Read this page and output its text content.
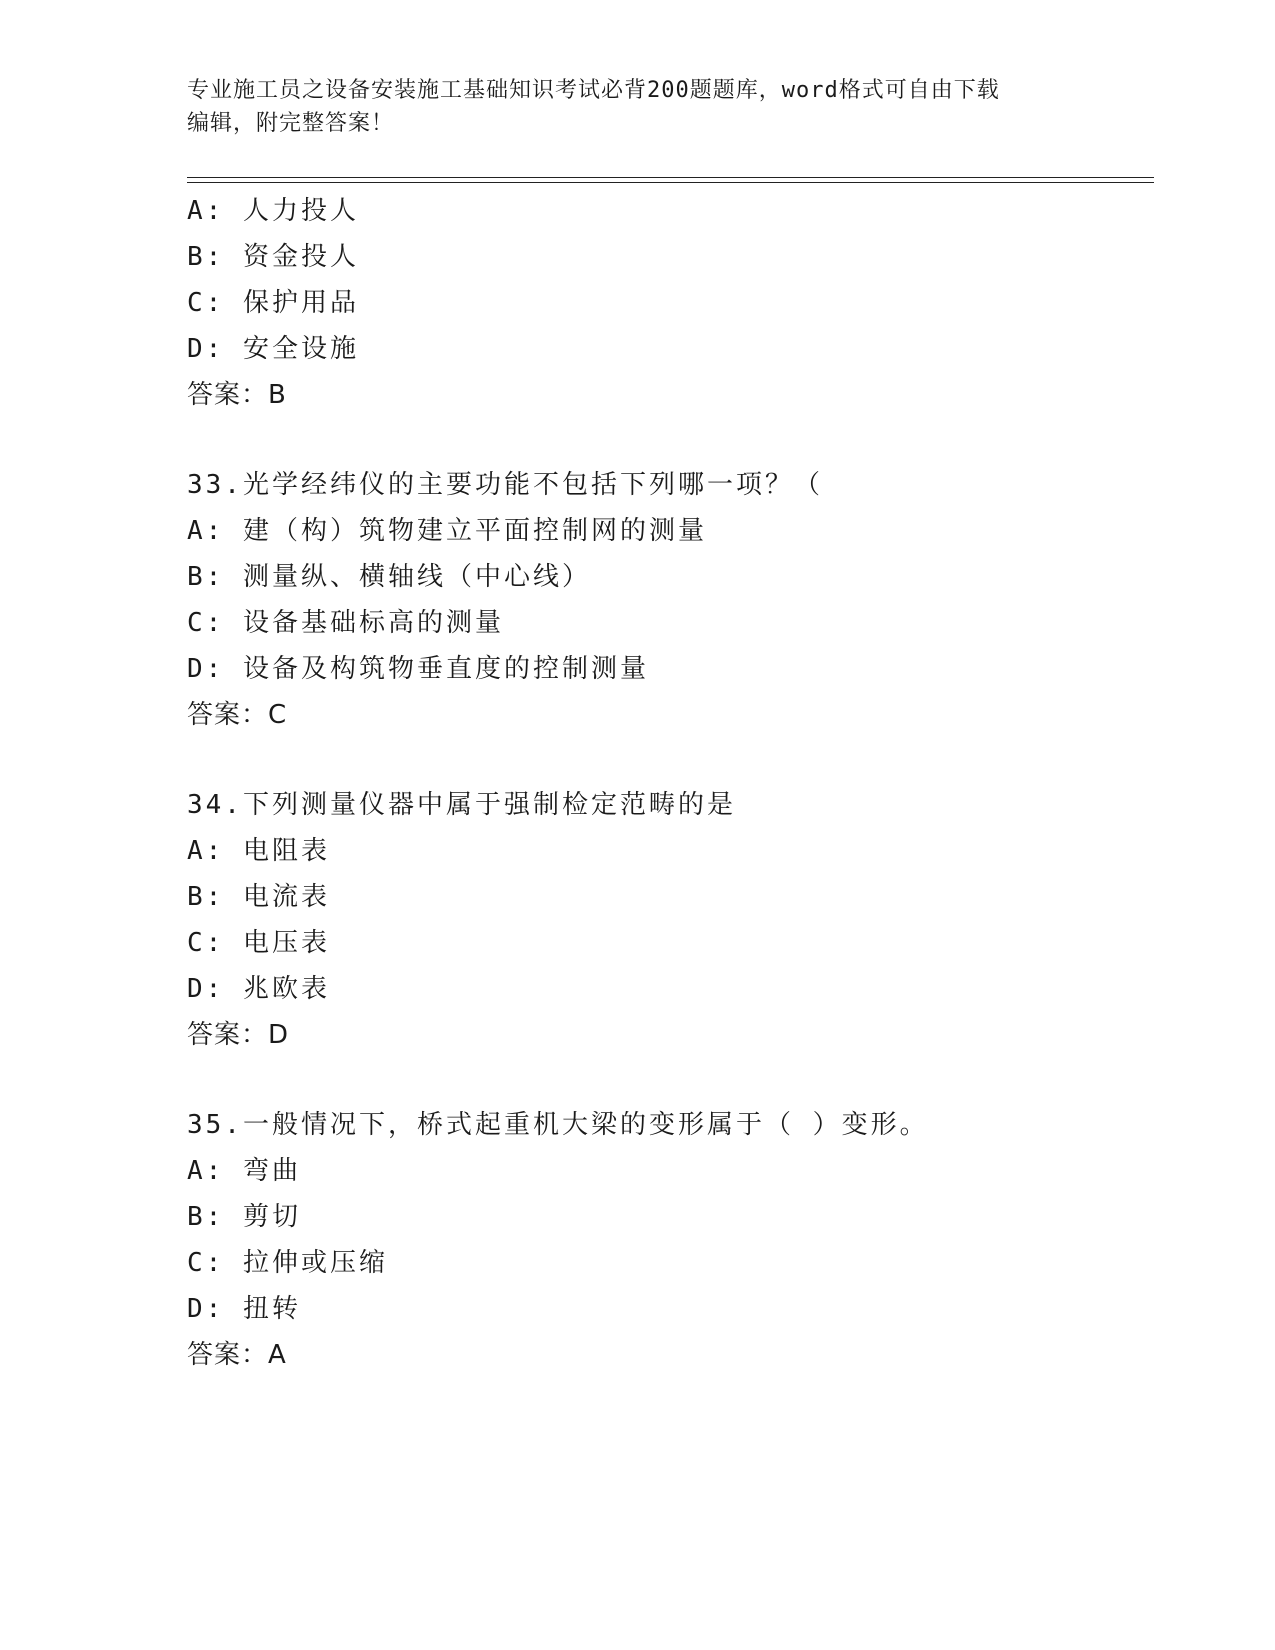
专业施工员之设备安装施工基础知识考试必背200题题库，word格式可自由下载
编辑，附完整答案！
A: 人力投人
B: 资金投人
C: 保护用品
D: 安全设施
答案：B
33.光学经纬仪的主要功能不包括下列哪一项？（
A: 建（构）筑物建立平面控制网的测量
B: 测量纵、横轴线（中心线）
C: 设备基础标高的测量
D: 设备及构筑物垂直度的控制测量
答案：C
34.下列测量仪器中属于强制检定范畴的是
A: 电阻表
B: 电流表
C: 电压表
D: 兆欧表
答案：D
35.一般情况下，桥式起重机大梁的变形属于（ ）变形。
A: 弯曲
B: 剪切
C: 拉伸或压缩
D: 扭转
答案：A
